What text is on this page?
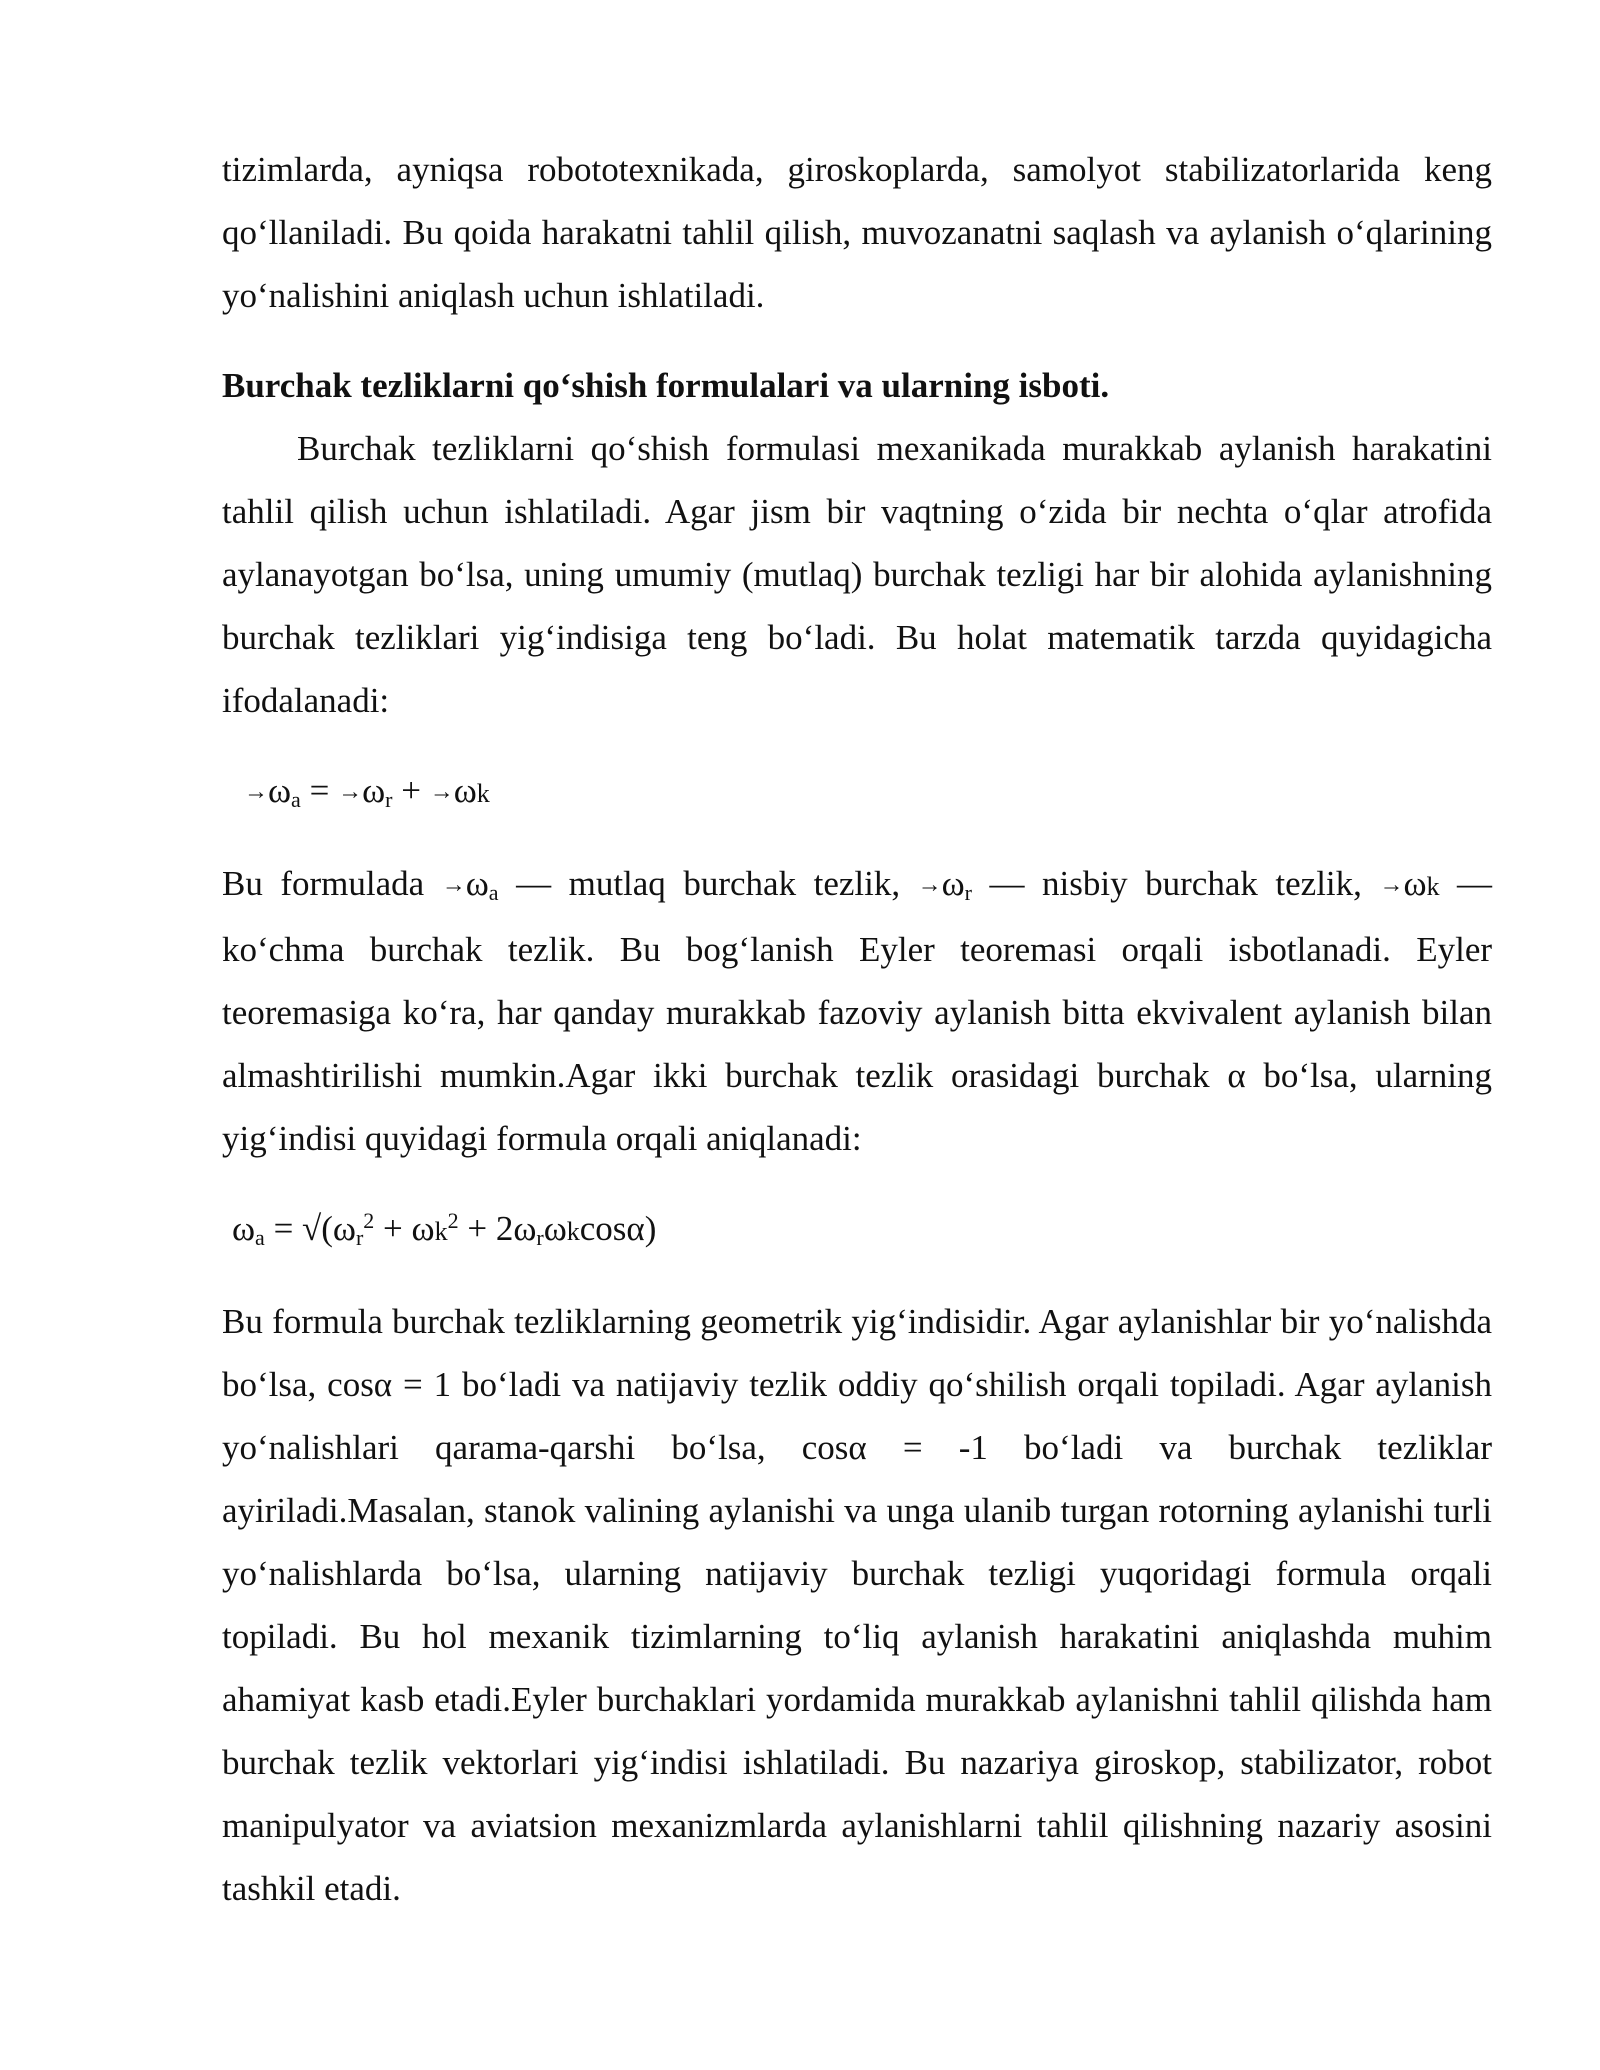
tizimlarda, ayniqsa robototexnikada, giroskoplarda, samolyot stabilizatorlarida keng qo‘llaniladi. Bu qoida harakatni tahlil qilish, muvozanatni saqlash va aylanish o‘qlarining yo‘nalishini aniqlash uchun ishlatiladi.

Burchak tezliklarni qo‘shish formulalari va ularning isboti.

Burchak tezliklarni qo‘shish formulasi mexanikada murakkab aylanish harakatini tahlil qilish uchun ishlatiladi. Agar jism bir vaqtning o‘zida bir nechta o‘qlar atrofida aylanayotgan bo‘lsa, uning umumiy (mutlaq) burchak tezligi har bir alohida aylanishning burchak tezliklari yig‘indisiga teng bo‘ladi. Bu holat matematik tarzda quyidagicha ifodalanadi:

$\to\omega_a = \to\omega_r + \to\omega k$

Bu formulada $\to\omega_a$ — mutlaq burchak tezlik, $\to\omega_r$ — nisbiy burchak tezlik, →ωk — ko‘chma burchak tezlik. Bu bog‘lanish Eyler teoremasi orqali isbotlanadi. Eyler teoremasiga ko‘ra, har qanday murakkab fazoviy aylanish bitta ekvivalent aylanish bilan almashtirilishi mumkin.Agar ikki burchak tezlik orasidagi burchak α bo‘lsa, ularning yig‘indisi quyidagi formula orqali aniqlanadi:

$\omega_a = √(\omega_r^2 + \omega k^2 + 2\omega_r\omega kcos\alpha)$

Bu formula burchak tezliklarning geometrik yig‘indisidir. Agar aylanishlar bir yo‘nalishda bo‘lsa, cosα = 1 bo‘ladi va natijaviy tezlik oddiy qo‘shilish orqali topiladi. Agar aylanish yo‘nalishlari qarama-qarshi bo‘lsa, cosα = -1 bo‘ladi va burchak tezliklar ayiriladi.Masalan, stanok valining aylanishi va unga ulanib turgan rotorning aylanishi turli yo‘nalishlarda bo‘lsa, ularning natijaviy burchak tezligi yuqoridagi formula orqali topiladi. Bu hol mexanik tizimlarning to‘liq aylanish harakatini aniqlashda muhim ahamiyat kasb etadi.Eyler burchaklari yordamida murakkab aylanishni tahlil qilishda ham burchak tezlik vektorlari yig‘indisi ishlatiladi. Bu nazariya giroskop, stabilizator, robot manipulyator va aviatsion mexanizmlarda aylanishlarni tahlil qilishning nazariy asosini tashkil etadi.
